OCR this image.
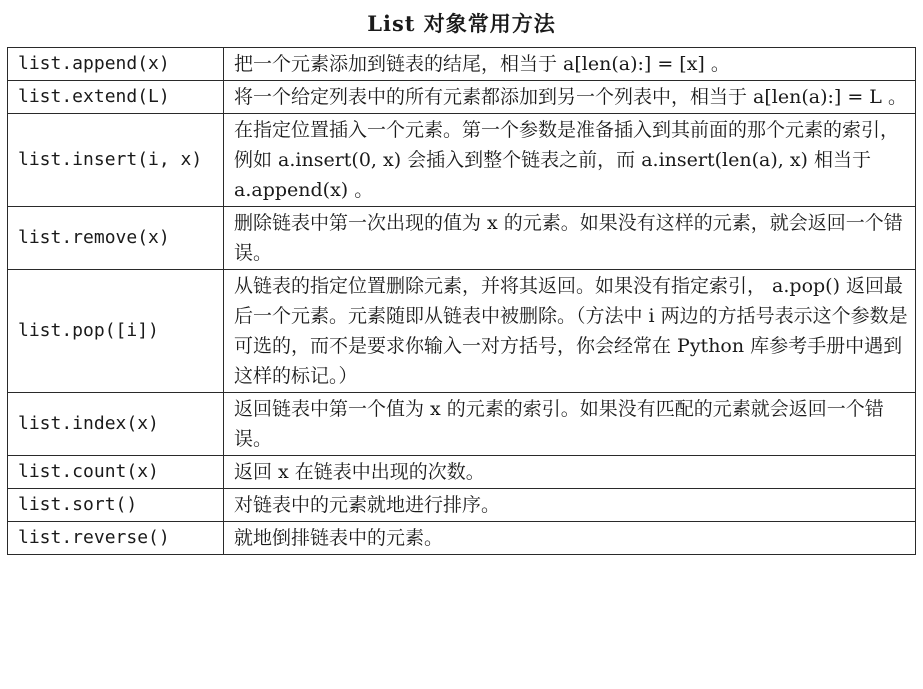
List 对象常用方法
list.append(x)	把一个元素添加到链表的结尾，相当于 a[len(a):] = [x] 。
list.extend(L)	将一个给定列表中的所有元素都添加到另一个列表中，相当于 a[len(a):] = L 。
list.insert(i, x)	在指定位置插入一个元素。第一个参数是准备插入到其前面的那个元素的索引，例如 a.insert(0, x) 会插入到整个链表之前，而 a.insert(len(a), x) 相当于 a.append(x) 。
list.remove(x)	删除链表中第一次出现的值为 x 的元素。如果没有这样的元素，就会返回一个错误。
list.pop([i])	从链表的指定位置删除元素，并将其返回。如果没有指定索引， a.pop() 返回最后一个元素。元素随即从链表中被删除。（方法中 i 两边的方括号表示这个参数是可选的，而不是要求你输入一对方括号，你会经常在 Python 库参考手册中遇到这样的标记。）
list.index(x)	返回链表中第一个值为 x 的元素的索引。如果没有匹配的元素就会返回一个错误。
list.count(x)	返回 x 在链表中出现的次数。
list.sort()	对链表中的元素就地进行排序。
list.reverse()	就地倒排链表中的元素。
